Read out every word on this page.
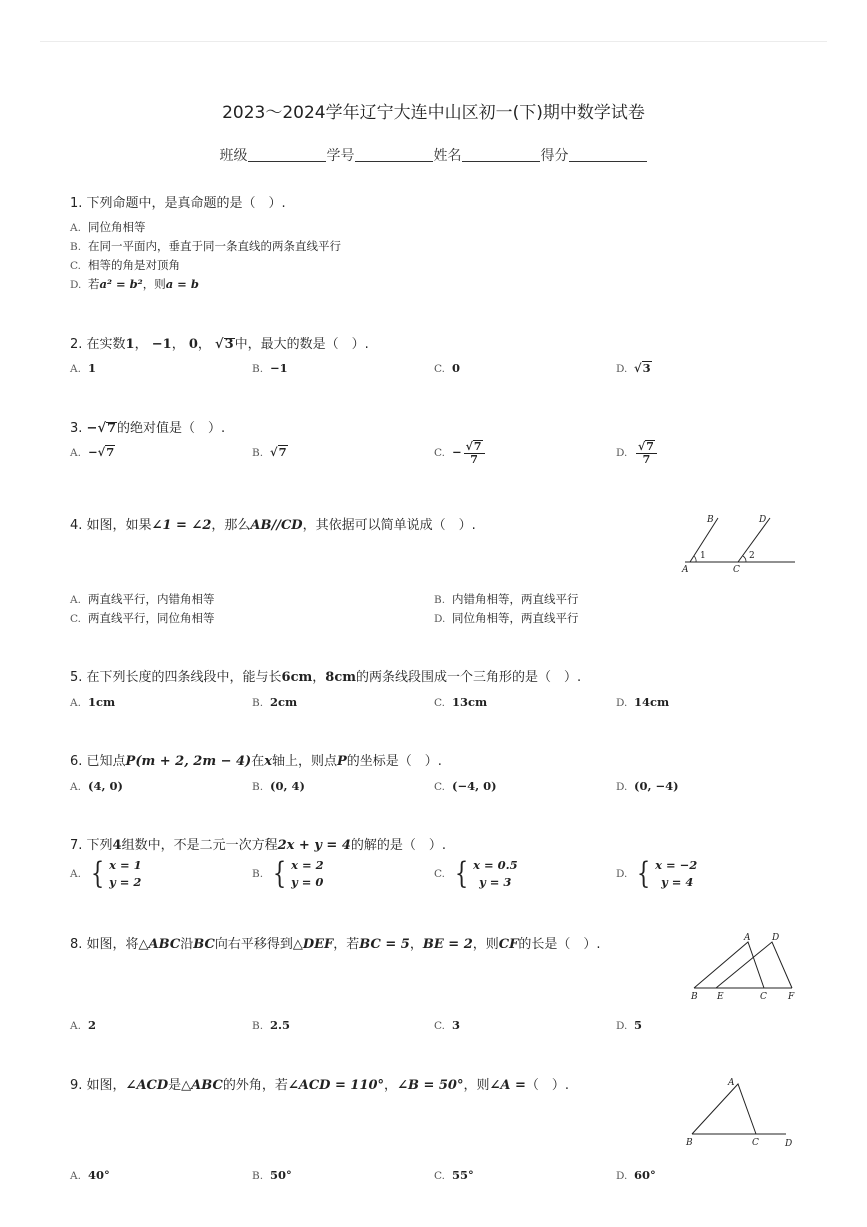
2023～2024学年辽宁大连中山区初一(下)期中数学试卷
班级	学号	姓名	得分
1. 下列命题中，是真命题的是（　）.
A. 同位角相等
B. 在同一平面内，垂直于同一条直线的两条直线平行
C. 相等的角是对顶角
D. 若a² = b²，则a = b
2. 在实数1， −1， 0， √3中，最大的数是（　）.
A. 1	B. −1	C. 0	D. √3
3. −√7的绝对值是（　）.
A. −√7	B. √7	C. − $\frac{√7}{7}$	D. $\frac{√7}{7}$
4. 如图，如果∠1 = ∠2，那么AB//CD，其依据可以简单说成（　）.	B	D
A	C
1	2
A. 两直线平行，内错角相等	B. 内错角相等，两直线平行
C. 两直线平行，同位角相等	D. 同位角相等，两直线平行
5. 在下列长度的四条线段中，能与长6cm，8cm的两条线段围成一个三角形的是（　）.
A. 1cm	B. 2cm	C. 13cm	D. 14cm
6. 已知点P(m + 2, 2m − 4)在x轴上，则点P的坐标是（　）.
A. (4, 0)	B. (0, 4)	C. (−4, 0)	D. (0, −4)
7. 下列4组数中，不是二元一次方程2x + y = 4的解的是（　）.
A. { x = 1
y = 2
B. { x = 2
y = 0
C. { x = 0.5
y = 3
D. { x = −2
y = 4
8. 如图，将△ABC沿BC向右平移得到△DEF，若BC = 5，BE = 2，则CF的长是（　）.	A D
B E	C F
A. 2	B. 2.5	C. 3	D. 5
9. 如图，∠ACD是△ABC的外角，若∠ACD = 110°，∠B = 50°，则∠A =（　）.	A
B	C	D
A. 40°	B. 50°	C. 55°	D. 60°
